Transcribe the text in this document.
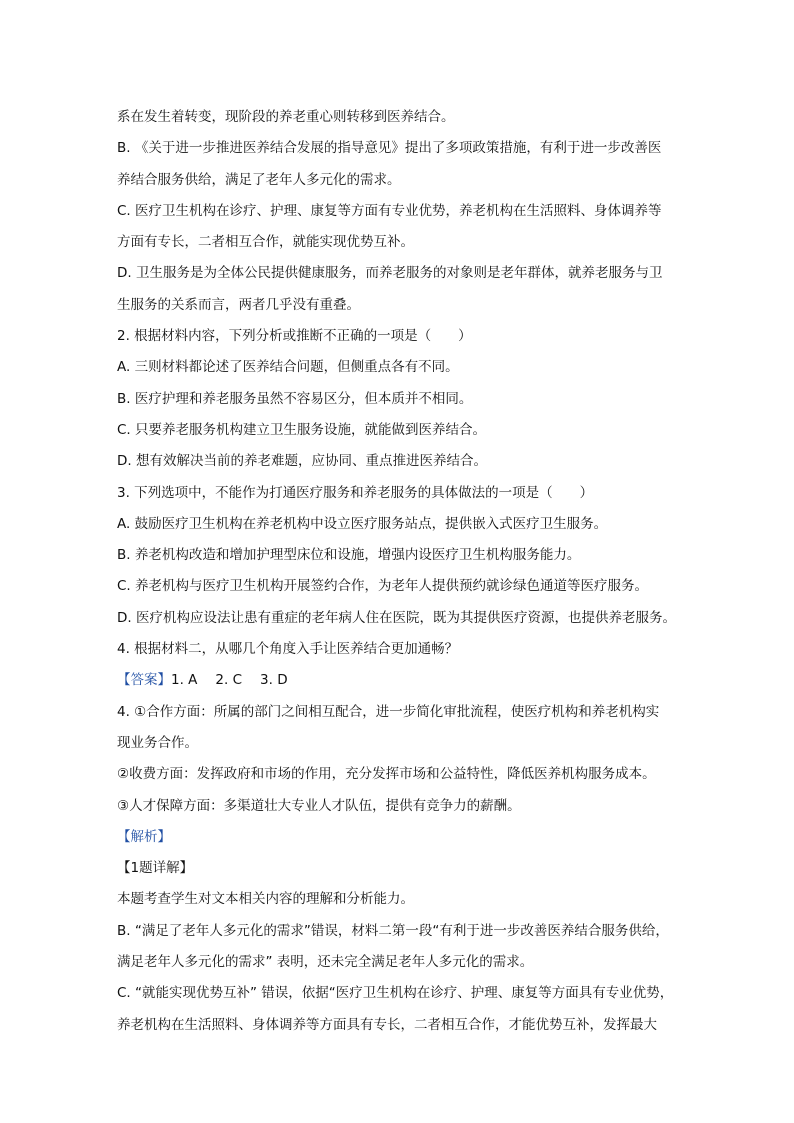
系在发生着转变，现阶段的养老重心则转移到医养结合。
B. 《关于进一步推进医养结合发展的指导意见》提出了多项政策措施，有利于进一步改善医
养结合服务供给，满足了老年人多元化的需求。
C. 医疗卫生机构在诊疗、护理、康复等方面有专业优势，养老机构在生活照料、身体调养等
方面有专长，二者相互合作，就能实现优势互补。
D. 卫生服务是为全体公民提供健康服务，而养老服务的对象则是老年群体，就养老服务与卫
生服务的关系而言，两者几乎没有重叠。
2. 根据材料内容，下列分析或推断不正确的一项是（　　）
A. 三则材料都论述了医养结合问题，但侧重点各有不同。
B. 医疗护理和养老服务虽然不容易区分，但本质并不相同。
C. 只要养老服务机构建立卫生服务设施，就能做到医养结合。
D. 想有效解决当前的养老难题，应协同、重点推进医养结合。
3. 下列选项中，不能作为打通医疗服务和养老服务的具体做法的一项是（　　）
A. 鼓励医疗卫生机构在养老机构中设立医疗服务站点，提供嵌入式医疗卫生服务。
B. 养老机构改造和增加护理型床位和设施，增强内设医疗卫生机构服务能力。
C. 养老机构与医疗卫生机构开展签约合作，为老年人提供预约就诊绿色通道等医疗服务。
D. 医疗机构应设法让患有重症的老年病人住在医院，既为其提供医疗资源，也提供养老服务。
4. 根据材料二，从哪几个角度入手让医养结合更加通畅？
【答案】1. A 2. C 3. D
4. ①合作方面：所属的部门之间相互配合，进一步简化审批流程，使医疗机构和养老机构实
现业务合作。
②收费方面：发挥政府和市场的作用，充分发挥市场和公益特性，降低医养机构服务成本。
③人才保障方面：多渠道壮大专业人才队伍，提供有竞争力的薪酬。
【解析】
【1题详解】
本题考查学生对文本相关内容的理解和分析能力。
B. “满足了老年人多元化的需求”错误，材料二第一段“有利于进一步改善医养结合服务供给，
满足老年人多元化的需求” 表明，还未完全满足老年人多元化的需求。
C. “就能实现优势互补” 错误，依据“医疗卫生机构在诊疗、护理、康复等方面具有专业优势，
养老机构在生活照料、身体调养等方面具有专长，二者相互合作，才能优势互补，发挥最大
